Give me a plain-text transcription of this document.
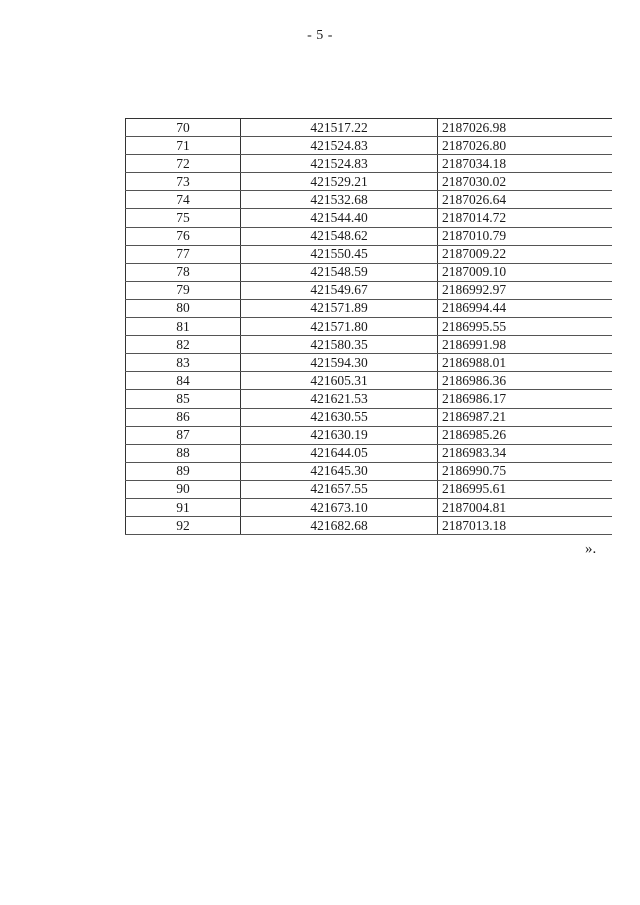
- 5 -
70	421517.22	2187026.98
71	421524.83	2187026.80
72	421524.83	2187034.18
73	421529.21	2187030.02
74	421532.68	2187026.64
75	421544.40	2187014.72
76	421548.62	2187010.79
77	421550.45	2187009.22
78	421548.59	2187009.10
79	421549.67	2186992.97
80	421571.89	2186994.44
81	421571.80	2186995.55
82	421580.35	2186991.98
83	421594.30	2186988.01
84	421605.31	2186986.36
85	421621.53	2186986.17
86	421630.55	2186987.21
87	421630.19	2186985.26
88	421644.05	2186983.34
89	421645.30	2186990.75
90	421657.55	2186995.61
91	421673.10	2187004.81
92	421682.68	2187013.18
».
